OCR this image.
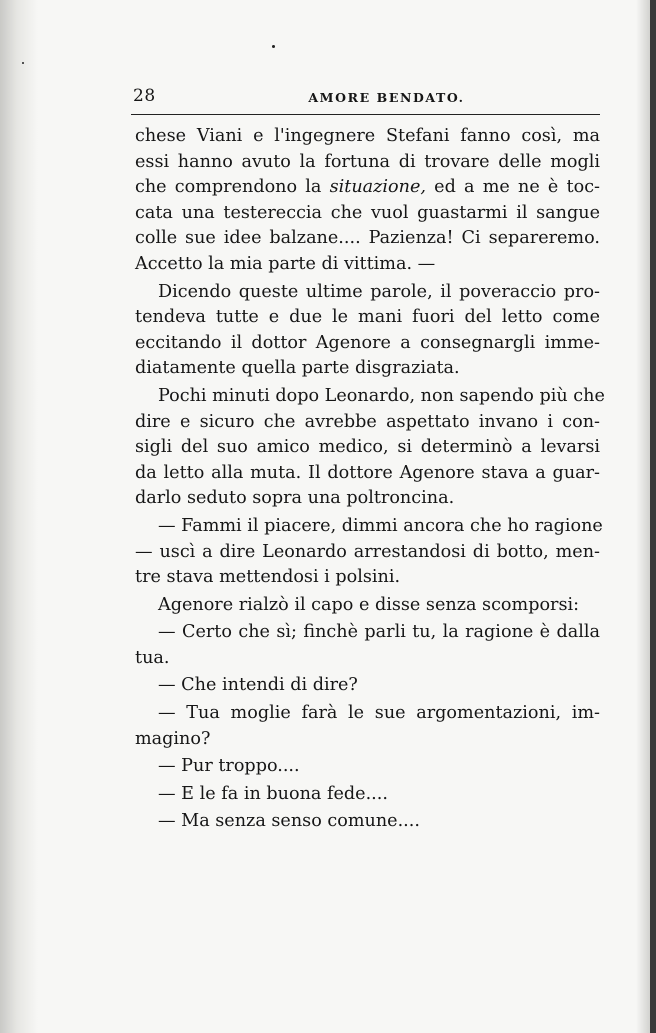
28	AMORE BENDATO.
chese Viani e l'ingegnere Stefani fanno così, ma
essi hanno avuto la fortuna di trovare delle mogli
che comprendono la situazione, ed a me ne è toc-
cata una testereccia che vuol guastarmi il sangue
colle sue idee balzane.... Pazienza! Ci separeremo.
Accetto la mia parte di vittima. —
Dicendo queste ultime parole, il poveraccio pro-
tendeva tutte e due le mani fuori del letto come
eccitando il dottor Agenore a consegnargli imme-
diatamente quella parte disgraziata.
Pochi minuti dopo Leonardo, non sapendo più che
dire e sicuro che avrebbe aspettato invano i con-
sigli del suo amico medico, si determinò a levarsi
da letto alla muta. Il dottore Agenore stava a guar-
darlo seduto sopra una poltroncina.
— Fammi il piacere, dimmi ancora che ho ragione
— uscì a dire Leonardo arrestandosi di botto, men-
tre stava mettendosi i polsini.
Agenore rialzò il capo e disse senza scomporsi:
— Certo che sì; finchè parli tu, la ragione è dalla
tua.
— Che intendi di dire?
— Tua moglie farà le sue argomentazioni, im-
magino?
— Pur troppo....
— E le fa in buona fede....
— Ma senza senso comune....
